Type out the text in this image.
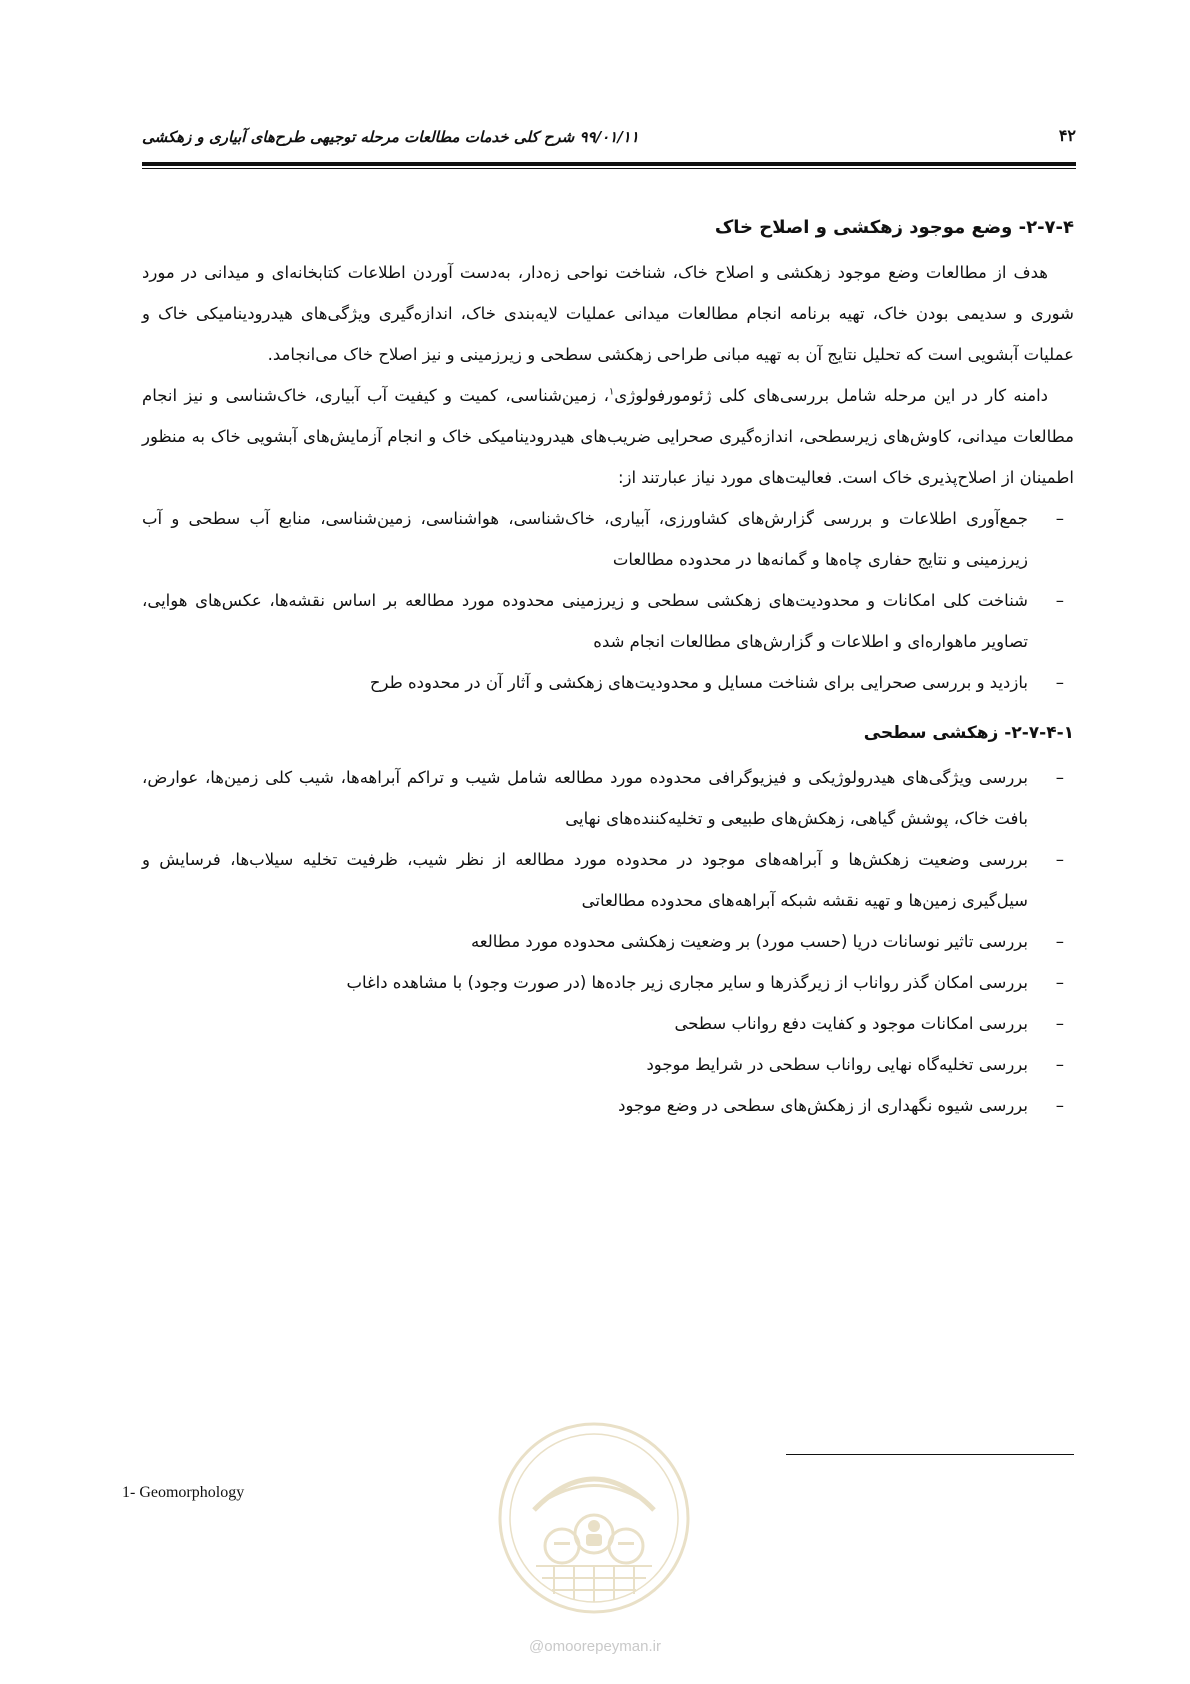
۹۹/۰۱/۱۱ شرح کلی خدمات مطالعات مرحله توجیهی طرح‌های آبیاری و زهکشی	۴۲
۲-۷-۴- وضع موجود زهکشی و اصلاح خاک

هدف از مطالعات وضع موجود زهکشی و اصلاح خاک، شناخت نواحی زه‌دار، به‌دست آوردن اطلاعات کتابخانه‌ای و میدانی در مورد شوری و سدیمی بودن خاک، تهیه برنامه انجام مطالعات میدانی عملیات لایه‌بندی خاک، اندازه‌گیری ویژگی‌های هیدرودینامیکی خاک و عملیات آبشویی است که تحلیل نتایج آن به تهیه مبانی طراحی زهکشی سطحی و زیرزمینی و نیز اصلاح خاک می‌انجامد.

دامنه کار در این مرحله شامل بررسی‌های کلی ژئومورفولوژی$^۱$، زمین‌شناسی، کمیت و کیفیت آب آبیاری، خاک‌شناسی و نیز انجام مطالعات میدانی، کاوش‌های زیرسطحی، اندازه‌گیری صحرایی ضریب‌های هیدرودینامیکی خاک و انجام آزمایش‌های آبشویی خاک به منظور اطمینان از اصلاح‌پذیری خاک است. فعالیت‌های مورد نیاز عبارتند از:

–
جمع‌آوری اطلاعات و بررسی گزارش‌های کشاورزی، آبیاری، خاک‌شناسی، هواشناسی، زمین‌شناسی، منابع آب سطحی و آب زیرزمینی و نتایج حفاری چاه‌ها و گمانه‌ها در محدوده مطالعات
–
شناخت کلی امکانات و محدودیت‌های زهکشی سطحی و زیرزمینی محدوده مورد مطالعه بر اساس نقشه‌ها، عکس‌های هوایی، تصاویر ماهواره‌ای و اطلاعات و گزارش‌های مطالعات انجام شده
–
بازدید و بررسی صحرایی برای شناخت مسایل و محدودیت‌های زهکشی و آثار آن در محدوده طرح
۲-۷-۴-۱- زهکشی سطحی
–
بررسی ویژگی‌های هیدرولوژیکی و فیزیوگرافی محدوده مورد مطالعه شامل شیب و تراکم آبراهه‌ها، شیب کلی زمین‌ها، عوارض، بافت خاک، پوشش گیاهی، زهکش‌های طبیعی و تخلیه‌کننده‌های نهایی
–
بررسی وضعیت زهکش‌ها و آبراهه‌های موجود در محدوده مورد مطالعه از نظر شیب، ظرفیت تخلیه سیلاب‌ها، فرسایش و سیل‌گیری زمین‌ها و تهیه نقشه شبکه آبراهه‌های محدوده مطالعاتی
–
بررسی تاثیر نوسانات دریا (حسب مورد) بر وضعیت زهکشی محدوده مورد مطالعه
–
بررسی امکان گذر رواناب از زیرگذرها و سایر مجاری زیر جاده‌ها (در صورت وجود) با مشاهده داغاب
–
بررسی امکانات موجود و کفایت دفع رواناب سطحی
–
بررسی تخلیه‌گاه نهایی رواناب سطحی در شرایط موجود
–
بررسی شیوه نگهداری از زهکش‌های سطحی در وضع موجود
1- Geomorphology
@omoorepeyman.ir
